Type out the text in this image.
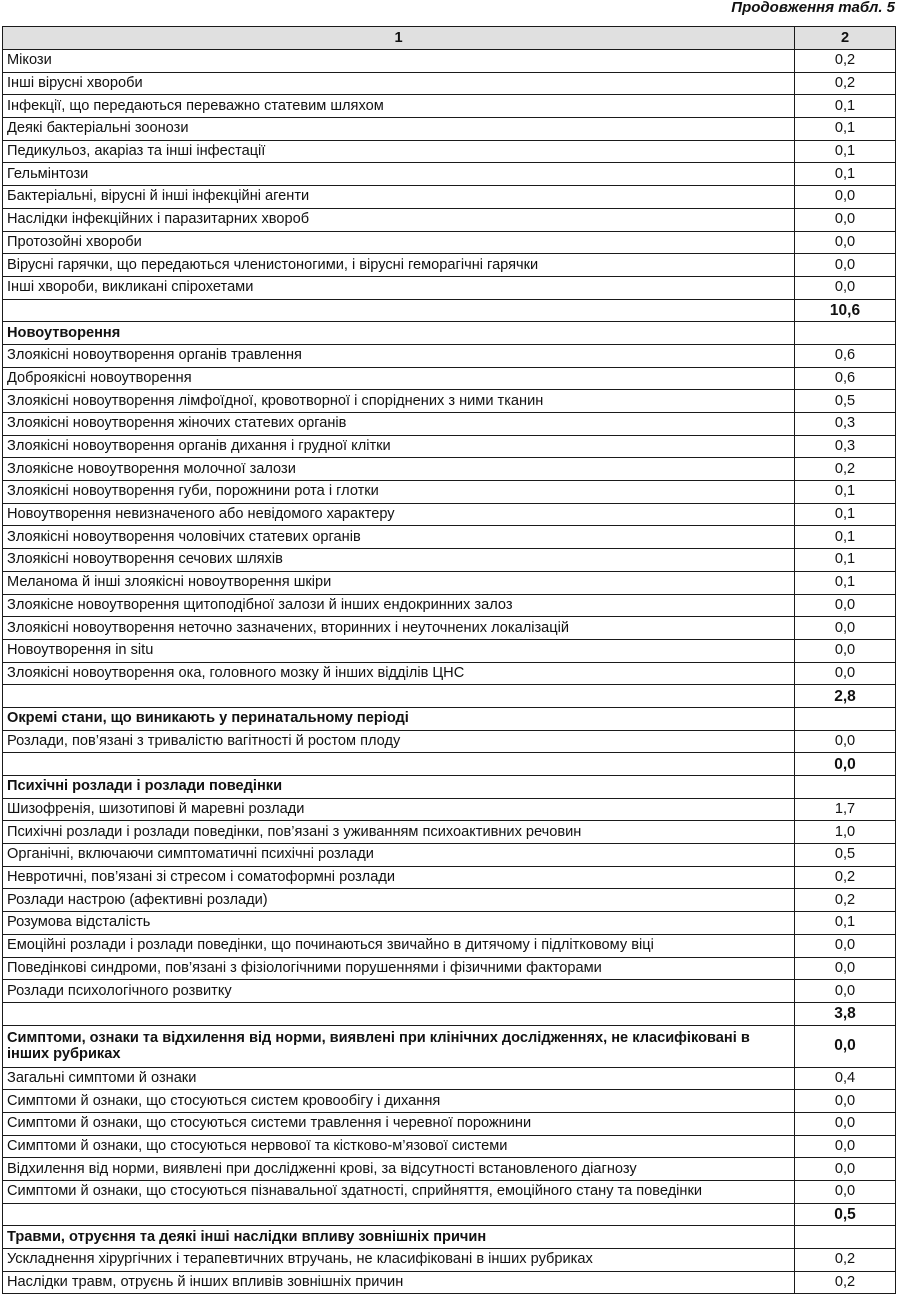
Продовження табл. 5
1	2
Мікози	0,2
Інші вірусні хвороби	0,2
Інфекції, що передаються переважно статевим шляхом	0,1
Деякі бактеріальні зоонози	0,1
Педикульоз, акаріаз та інші інфестації	0,1
Гельмінтози	0,1
Бактеріальні, вірусні й інші інфекційні агенти	0,0
Наслідки інфекційних і паразитарних хвороб	0,0
Протозойні хвороби	0,0
Вірусні гарячки, що передаються членистоногими, і вірусні геморагічні гарячки	0,0
Інші хвороби, викликані спірохетами	0,0
	10,6
Новоутворення	
Злоякісні новоутворення органів травлення	0,6
Доброякісні новоутворення	0,6
Злоякісні новоутворення лімфоїдної, кровотворної і споріднених з ними тканин	0,5
Злоякісні новоутворення жіночих статевих органів	0,3
Злоякісні новоутворення органів дихання і грудної клітки	0,3
Злоякісне новоутворення молочної залози	0,2
Злоякісні новоутворення губи, порожнини рота і глотки	0,1
Новоутворення невизначеного або невідомого характеру	0,1
Злоякісні новоутворення чоловічих статевих органів	0,1
Злоякісні новоутворення сечових шляхів	0,1
Меланома й інші злоякісні новоутворення шкіри	0,1
Злоякісне новоутворення щитоподібної залози й інших ендокринних залоз	0,0
Злоякісні новоутворення неточно зазначених, вторинних і неуточнених локалізацій	0,0
Новоутворення in situ	0,0
Злоякісні новоутворення ока, головного мозку й інших відділів ЦНС	0,0
	2,8
Окремі стани, що виникають у перинатальному періоді	
Розлади, пов’язані з тривалістю вагітності й ростом плоду	0,0
	0,0
Психічні розлади і розлади поведінки	
Шизофренія, шизотипові й маревні розлади	1,7
Психічні розлади і розлади поведінки, пов’язані з уживанням психоактивних речовин	1,0
Органічні, включаючи симптоматичні психічні розлади	0,5
Невротичні, пов’язані зі стресом і соматоформні розлади	0,2
Розлади настрою (афективні розлади)	0,2
Розумова відсталість	0,1
Емоційні розлади і розлади поведінки, що починаються звичайно в дитячому і підлітковому віці	0,0
Поведінкові синдроми, пов’язані з фізіологічними порушеннями і фізичними факторами	0,0
Розлади психологічного розвитку	0,0
	3,8
Симптоми, ознаки та відхилення від норми, виявлені при клінічних дослідженнях, не класифіковані в інших рубриках	0,0
Загальні симптоми й ознаки	0,4
Симптоми й ознаки, що стосуються систем кровообігу і дихання	0,0
Симптоми й ознаки, що стосуються системи травлення і черевної порожнини	0,0
Симптоми й ознаки, що стосуються нервової та кістково-м’язової системи	0,0
Відхилення від норми, виявлені при дослідженні крові, за відсутності встановленого діагнозу	0,0
Симптоми й ознаки, що стосуються пізнавальної здатності, сприйняття, емоційного стану та поведінки	0,0
	0,5
Травми, отруєння та деякі інші наслідки впливу зовнішніх причин	
Ускладнення хірургічних і терапевтичних втручань, не класифіковані в інших рубриках	0,2
Наслідки травм, отруєнь й інших впливів зовнішніх причин	0,2
